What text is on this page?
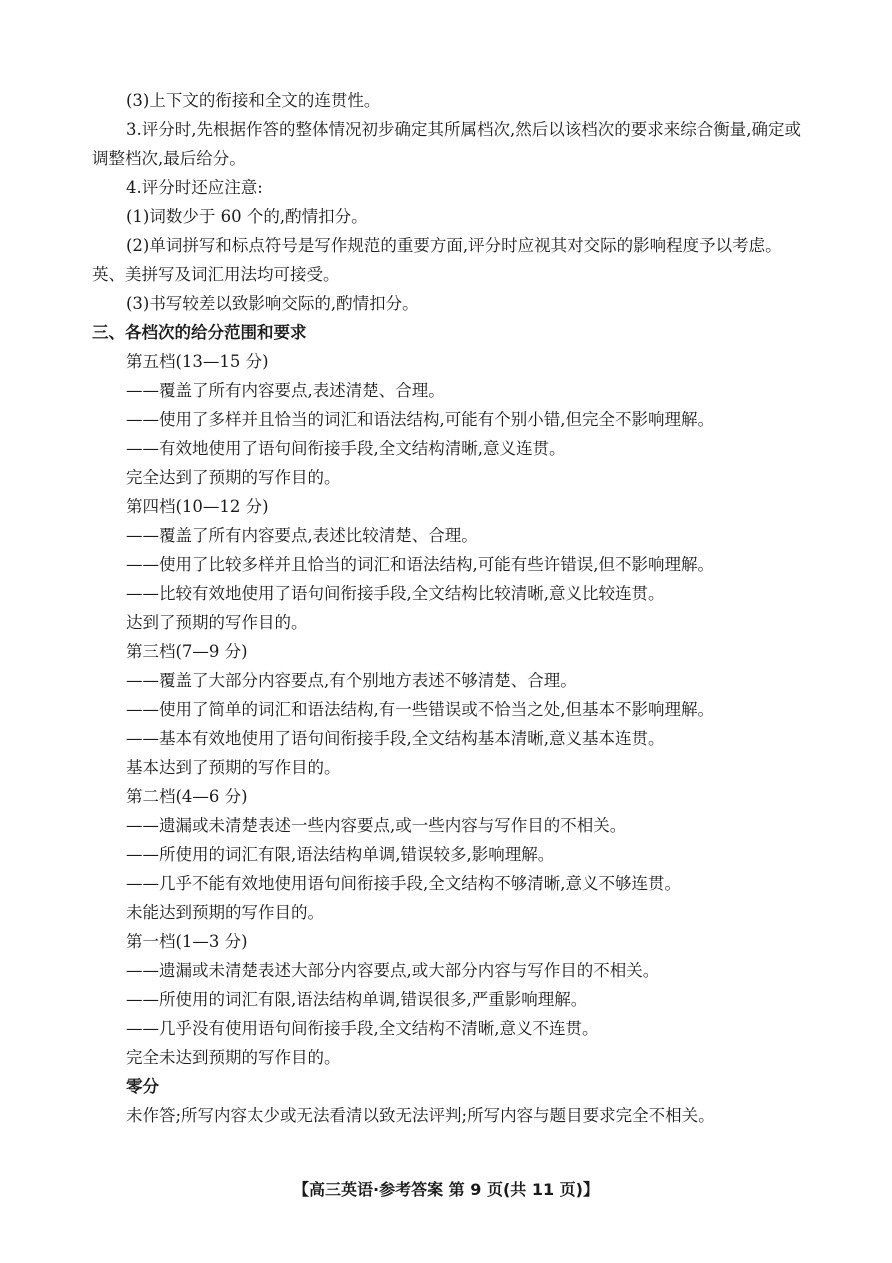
(3)上下文的衔接和全文的连贯性。
3.评分时,先根据作答的整体情况初步确定其所属档次,然后以该档次的要求来综合衡量,确定或调整档次,最后给分。
4.评分时还应注意:
(1)词数少于 60 个的,酌情扣分。
(2)单词拼写和标点符号是写作规范的重要方面,评分时应视其对交际的影响程度予以考虑。英、美拼写及词汇用法均可接受。
(3)书写较差以致影响交际的,酌情扣分。
三、各档次的给分范围和要求
第五档(13—15 分)
——覆盖了所有内容要点,表述清楚、合理。
——使用了多样并且恰当的词汇和语法结构,可能有个别小错,但完全不影响理解。
——有效地使用了语句间衔接手段,全文结构清晰,意义连贯。
完全达到了预期的写作目的。
第四档(10—12 分)
——覆盖了所有内容要点,表述比较清楚、合理。
——使用了比较多样并且恰当的词汇和语法结构,可能有些许错误,但不影响理解。
——比较有效地使用了语句间衔接手段,全文结构比较清晰,意义比较连贯。
达到了预期的写作目的。
第三档(7—9 分)
——覆盖了大部分内容要点,有个别地方表述不够清楚、合理。
——使用了简单的词汇和语法结构,有一些错误或不恰当之处,但基本不影响理解。
——基本有效地使用了语句间衔接手段,全文结构基本清晰,意义基本连贯。
基本达到了预期的写作目的。
第二档(4—6 分)
——遗漏或未清楚表述一些内容要点,或一些内容与写作目的不相关。
——所使用的词汇有限,语法结构单调,错误较多,影响理解。
——几乎不能有效地使用语句间衔接手段,全文结构不够清晰,意义不够连贯。
未能达到预期的写作目的。
第一档(1—3 分)
——遗漏或未清楚表述大部分内容要点,或大部分内容与写作目的不相关。
——所使用的词汇有限,语法结构单调,错误很多,严重影响理解。
——几乎没有使用语句间衔接手段,全文结构不清晰,意义不连贯。
完全未达到预期的写作目的。
零分
未作答;所写内容太少或无法看清以致无法评判;所写内容与题目要求完全不相关。
【高三英语·参考答案 第 9 页(共 11 页)】
